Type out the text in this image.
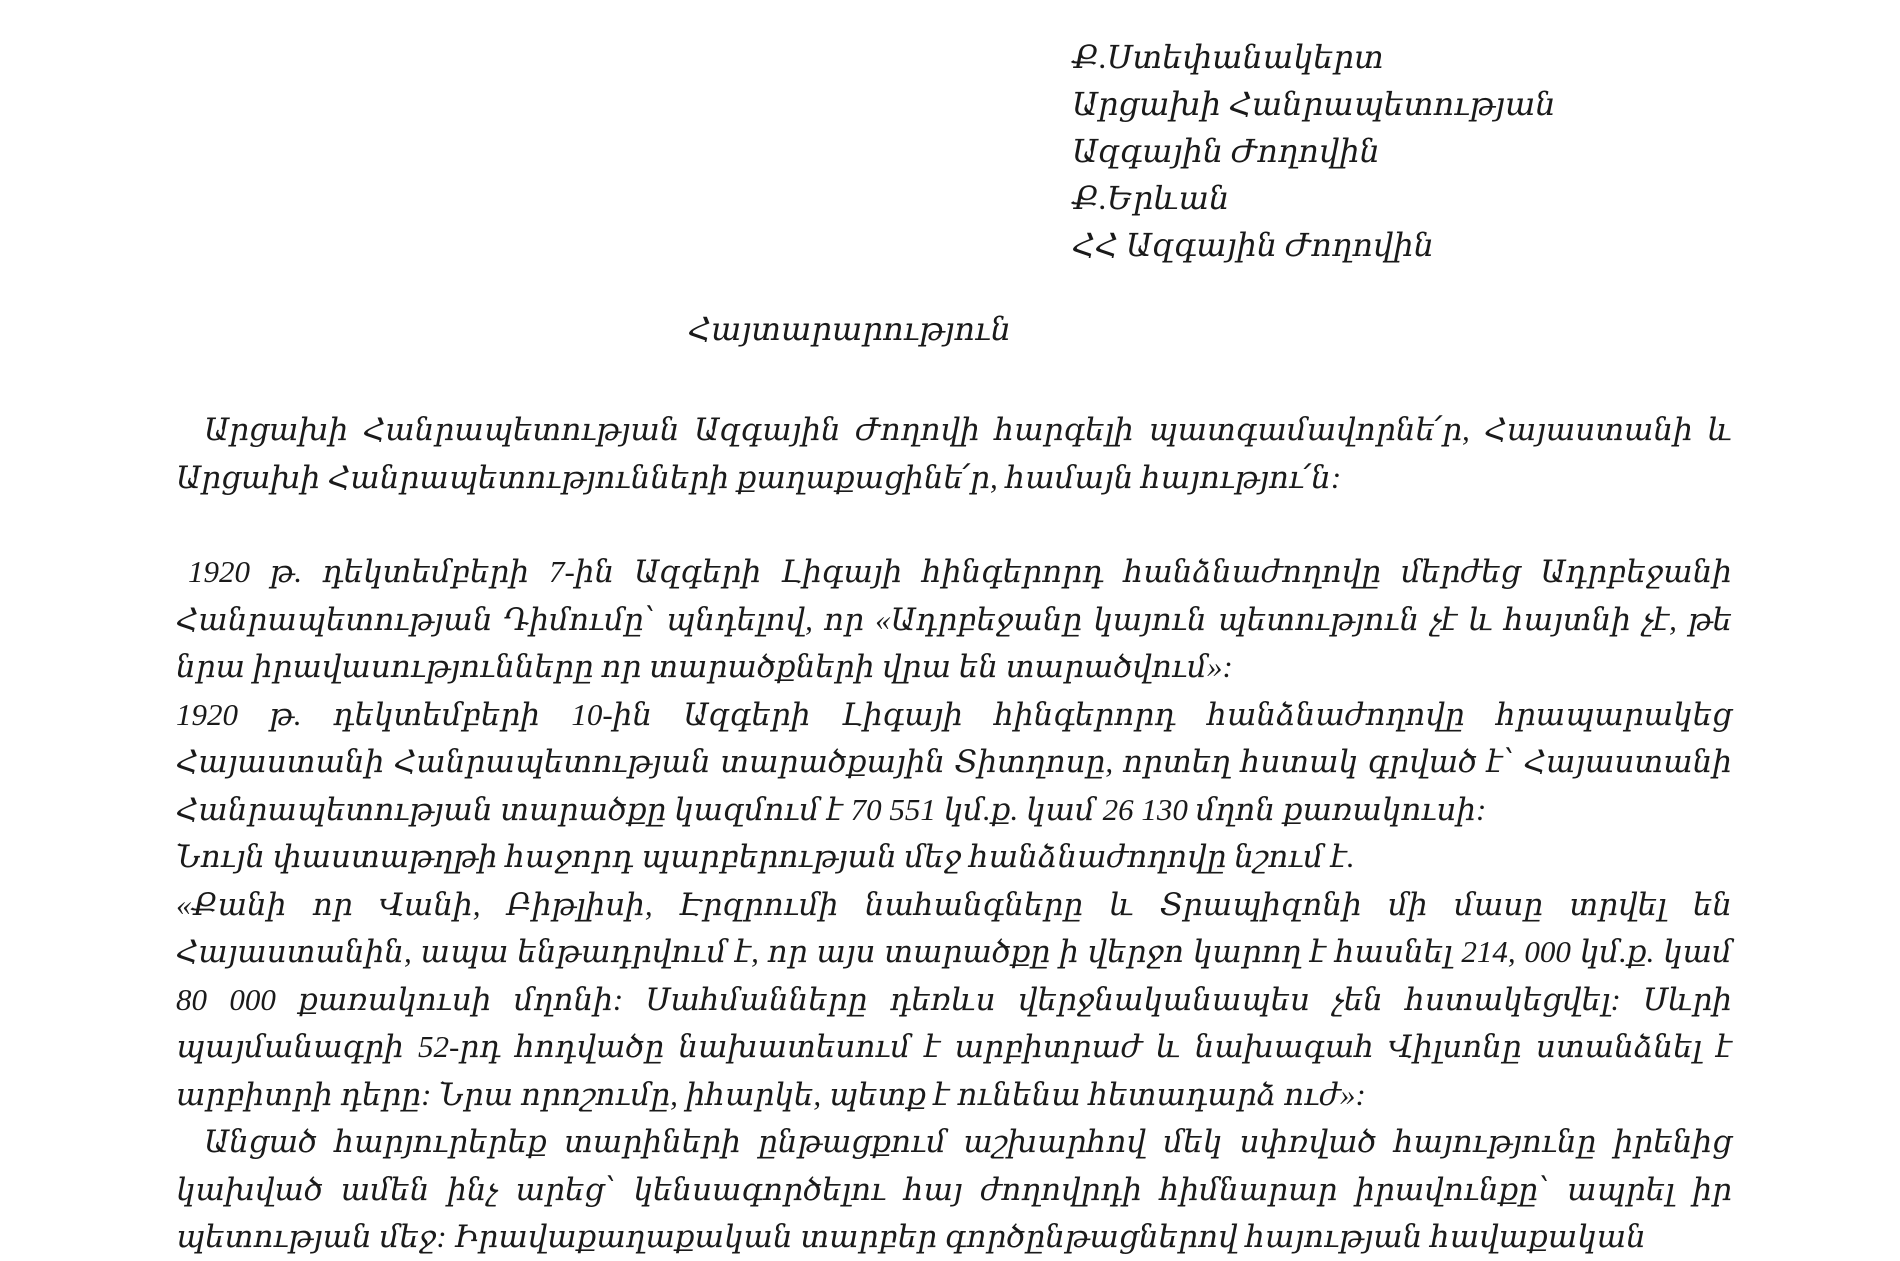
Ք.Ստեփանակերտ
Արցախի Հանրապետության
Ազգային Ժողովին
Ք.Երևան
ՀՀ Ազգային Ժողովին
Հայտարարություն

Արցախի Հանրապետության Ազգային Ժողովի հարգելի պատգամավորնե՛ր, Հայաստանի և Արցախի Հանրապետությունների քաղաքացինե՛ր, համայն հայությու՛ն:

1920 թ. դեկտեմբերի 7-ին Ազգերի Լիգայի հինգերորդ հանձնաժողովը մերժեց Ադրբեջանի Հանրապետության Դիմումը՝ պնդելով, որ «Ադրբեջանը կայուն պետություն չէ և հայտնի չէ, թե նրա իրավասությունները որ տարածքների վրա են տարածվում»:

1920 թ. դեկտեմբերի 10-ին Ազգերի Լիգայի հինգերորդ հանձնաժողովը հրապարակեց Հայաստանի Հանրապետության տարածքային Տիտղոսը, որտեղ հստակ գրված է՝ Հայաստանի Հանրապետության տարածքը կազմում է 70 551 կմ.ք. կամ 26 130 մղոն քառակուսի:

Նույն փաստաթղթի հաջորդ պարբերության մեջ հանձնաժողովը նշում է.

«Քանի որ Վանի, Բիթլիսի, Էրզրումի նահանգները և Տրապիզոնի մի մասը տրվել են Հայաստանին, ապա ենթադրվում է, որ այս տարածքը ի վերջո կարող է հասնել 214, 000 կմ.ք. կամ 80 000 քառակուսի մղոնի: Սահմանները դեռևս վերջնականապես չեն հստակեցվել: Սևրի պայմանագրի 52-րդ հոդվածը նախատեսում է արբիտրաժ և նախագահ Վիլսոնը ստանձնել է արբիտրի դերը: Նրա որոշումը, իհարկե, պետք է ունենա հետադարձ ուժ»:

Անցած հարյուրերեք տարիների ընթացքում աշխարհով մեկ սփռված հայությունը իրենից կախված ամեն ինչ արեց՝ կենսագործելու հայ ժողովրդի հիմնարար իրավունքը՝ ապրել իր պետության մեջ: Իրավաքաղաքական տարբեր գործընթացներով հայության հավաքական
